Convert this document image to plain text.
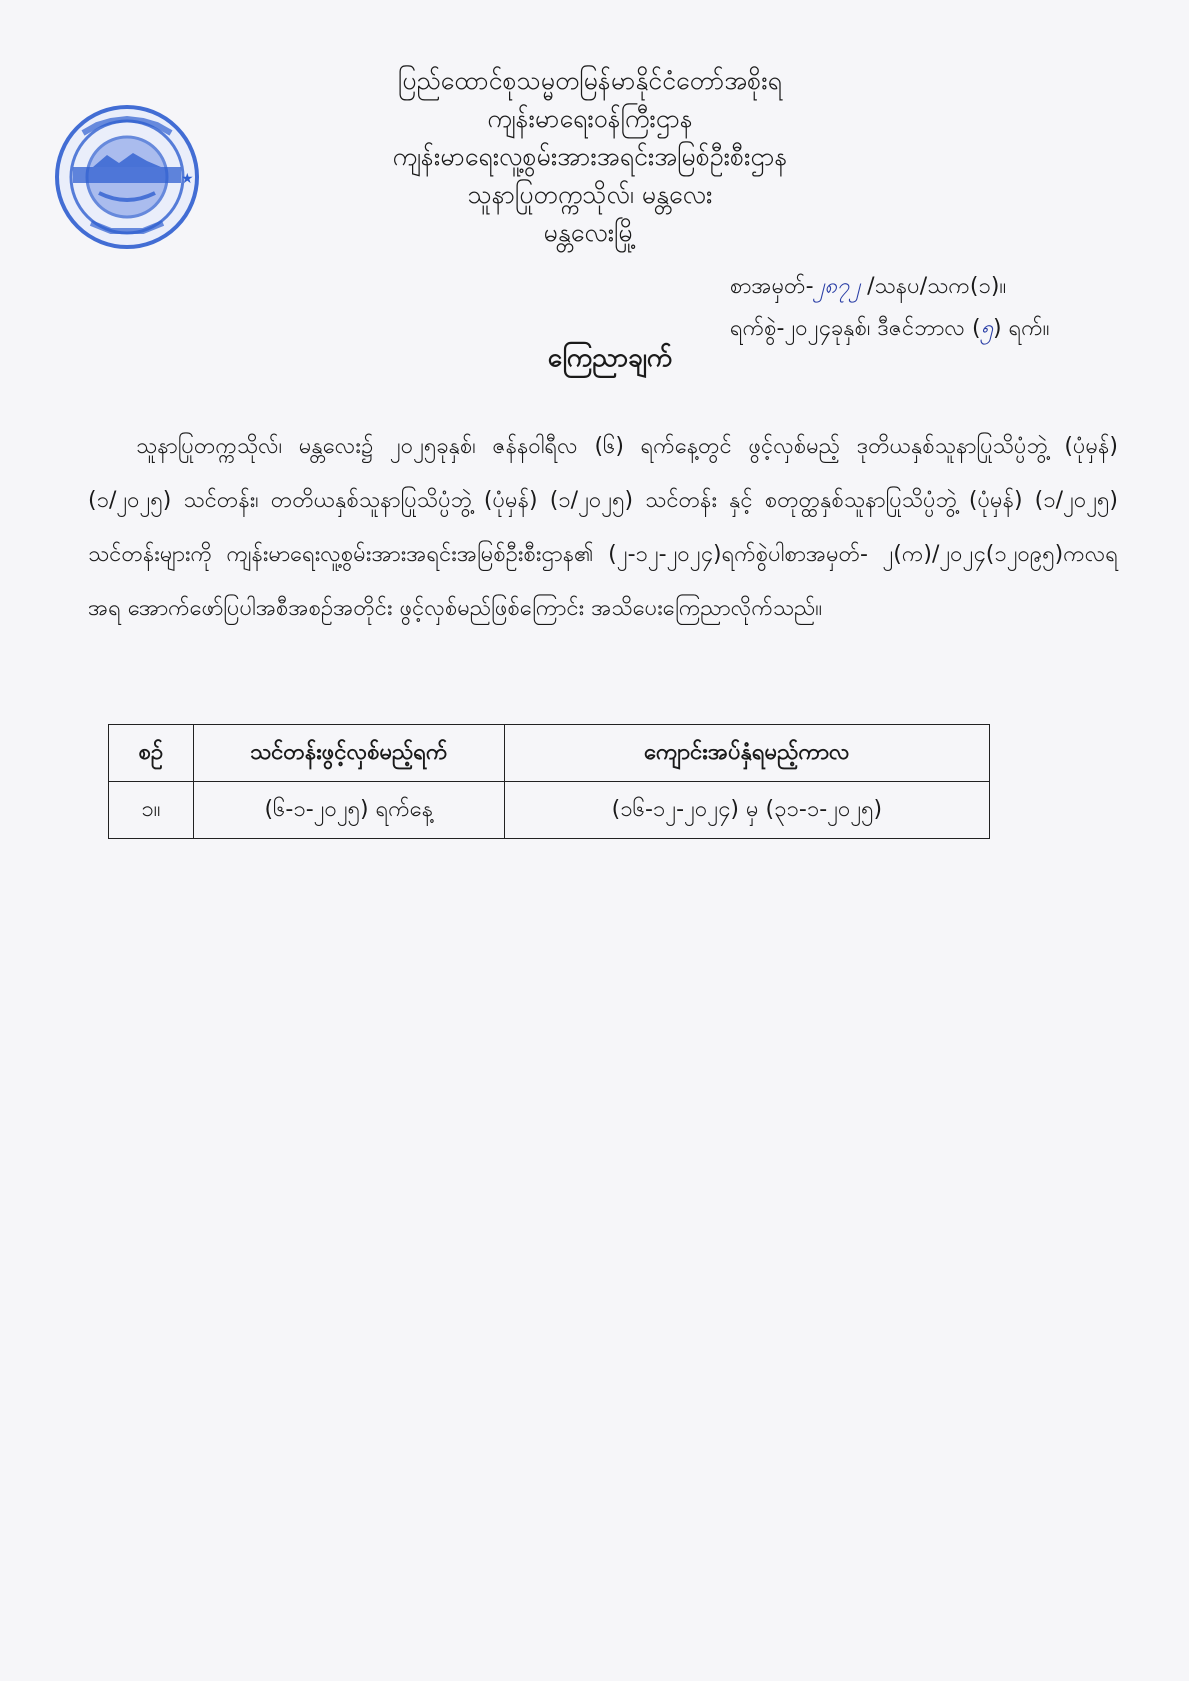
★
ပြည်ထောင်စုသမ္မတမြန်မာနိုင်ငံတော်အစိုးရ
ကျန်းမာရေးဝန်ကြီးဌာန
ကျန်းမာရေးလူ့စွမ်းအားအရင်းအမြစ်ဦးစီးဌာန
သူနာပြုတက္ကသိုလ်၊ မန္တလေး
မန္တလေးမြို့
စာအမှတ်-၂၈၇၂ /သနပ/သက(၁)။
ရက်စွဲ-၂၀၂၄ခုနှစ်၊ ဒီဇင်ဘာလ (၅) ရက်။
ကြေညာချက်
သူနာပြုတက္ကသိုလ်၊ မန္တလေး၌ ၂၀၂၅ခုနှစ်၊ ဇန်နဝါရီလ (၆) ရက်နေ့တွင် ဖွင့်လှစ်မည့် ဒုတိယနှစ်သူနာပြုသိပ္ပံဘွဲ့ (ပုံမှန်)(၁/၂၀၂၅) သင်တန်း၊ တတိယနှစ်သူနာပြုသိပ္ပံဘွဲ့ (ပုံမှန်) (၁/၂၀၂၅) သင်တန်း နှင့် စတုတ္ထနှစ်သူနာပြုသိပ္ပံဘွဲ့ (ပုံမှန်) (၁/၂၀၂၅) သင်တန်းများကို ကျန်းမာရေးလူ့စွမ်းအားအရင်းအမြစ်ဦးစီးဌာန၏ (၂-၁၂-၂၀၂၄)ရက်စွဲပါစာအမှတ်- ၂(က)/၂၀၂၄(၁၂၀၉၅)ကလရအရ အောက်ဖော်ပြပါအစီအစဉ်အတိုင်း ဖွင့်လှစ်မည်ဖြစ်ကြောင်း အသိပေးကြေညာလိုက်သည်။
စဉ်	သင်တန်းဖွင့်လှစ်မည့်ရက်	ကျောင်းအပ်နှံရမည့်ကာလ
၁။	(၆-၁-၂၀၂၅) ရက်နေ့	(၁၆-၁၂-၂၀၂၄) မှ (၃၁-၁-၂၀၂၅)
